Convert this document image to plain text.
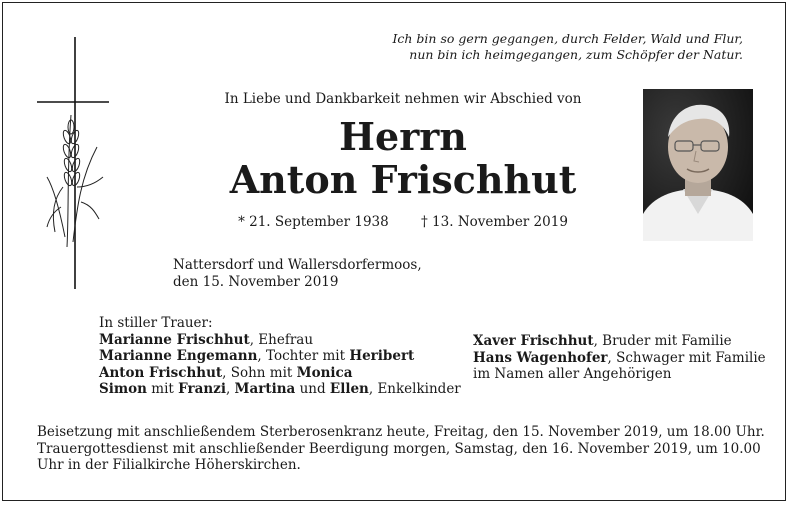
Ich bin so gern gegangen, durch Felder, Wald und Flur,
nun bin ich heimgegangen, zum Schöpfer der Natur.
In Liebe und Dankbarkeit nehmen wir Abschied von
Herrn
Anton Frischhut
* 21. September 1938 † 13. November 2019
Nattersdorf und Wallersdorfermoos,
den 15. November 2019
In stiller Trauer:
Marianne Frischhut, Ehefrau
Marianne Engemann, Tochter mit Heribert
Anton Frischhut, Sohn mit Monica
Simon mit Franzi, Martina und Ellen, Enkelkinder
Xaver Frischhut, Bruder mit Familie
Hans Wagenhofer, Schwager mit Familie
im Namen aller Angehörigen
Beisetzung mit anschließendem Sterberosenkranz heute, Freitag, den 15. November 2019, um 18.00 Uhr.
Trauergottesdienst mit anschließender Beerdigung morgen, Samstag, den 16. November 2019, um 10.00
Uhr in der Filialkirche Höherskirchen.
